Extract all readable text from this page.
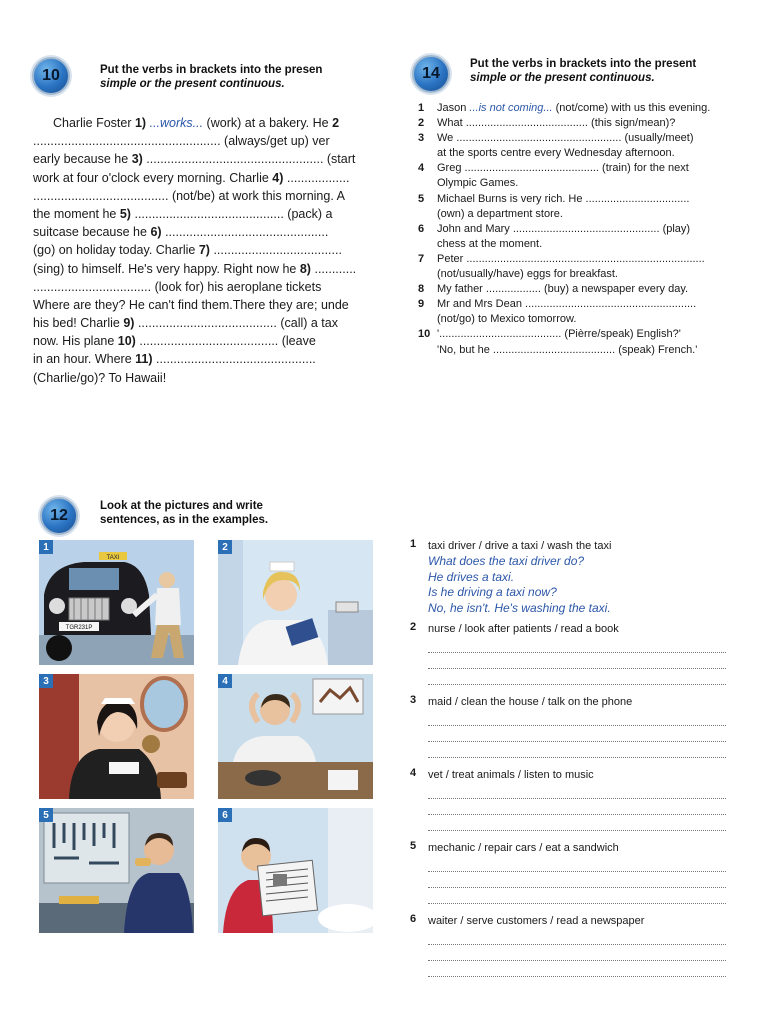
10	Put the verbs in brackets into the presen
simple or the present continuous.
Charlie Foster 1) ...works... (work) at a bakery. He 2
...................................................... (always/get up) ver
early because he 3) ................................................... (start
work at four o'clock every morning. Charlie 4) ..................
....................................... (not/be) at work this morning. A
the moment he 5) ........................................... (pack) a
suitcase because he 6) ...............................................
(go) on holiday today. Charlie 7) .....................................
(sing) to himself. He's very happy. Right now he 8) ............
.................................. (look for) his aeroplane tickets
Where are they? He can't find them.There they are; unde
his bed! Charlie 9) ........................................ (call) a tax
now. His plane 10) ........................................ (leave
in an hour. Where 11) ..............................................
(Charlie/go)? To Hawaii!
14
Put the verbs in brackets into the present
simple or the present continuous.
1 Jason ...is not coming... (not/come) with us this evening.
2 What ........................................ (this sign/mean)?
3 We ...................................................... (usually/meet)
at the sports centre every Wednesday afternoon.
4 Greg ............................................ (train) for the next
Olympic Games.
5 Michael Burns is very rich. He ..................................
(own) a department store.
6 John and Mary ................................................ (play)
chess at the moment.
7 Peter ..............................................................................
(not/usually/have) eggs for breakfast.
8 My father .................. (buy) a newspaper every day.
9 Mr and Mrs Dean ........................................................
(not/go) to Mexico tomorrow.
10 '........................................ (Pièrre/speak) English?'
'No, but he ........................................ (speak) French.'
12
Look at the pictures and write
sentences, as in the examples.
TAXI
TGR231P
1	2
3	4
5	6
1 taxi driver / drive a taxi / wash the taxi
What does the taxi driver do?
He drives a taxi.
Is he driving a taxi now?
No, he isn't. He's washing the taxi.
2 nurse / look after patients / read a book
3 maid / clean the house / talk on the phone
4 vet / treat animals / listen to music
5 mechanic / repair cars / eat a sandwich
6 waiter / serve customers / read a newspaper
